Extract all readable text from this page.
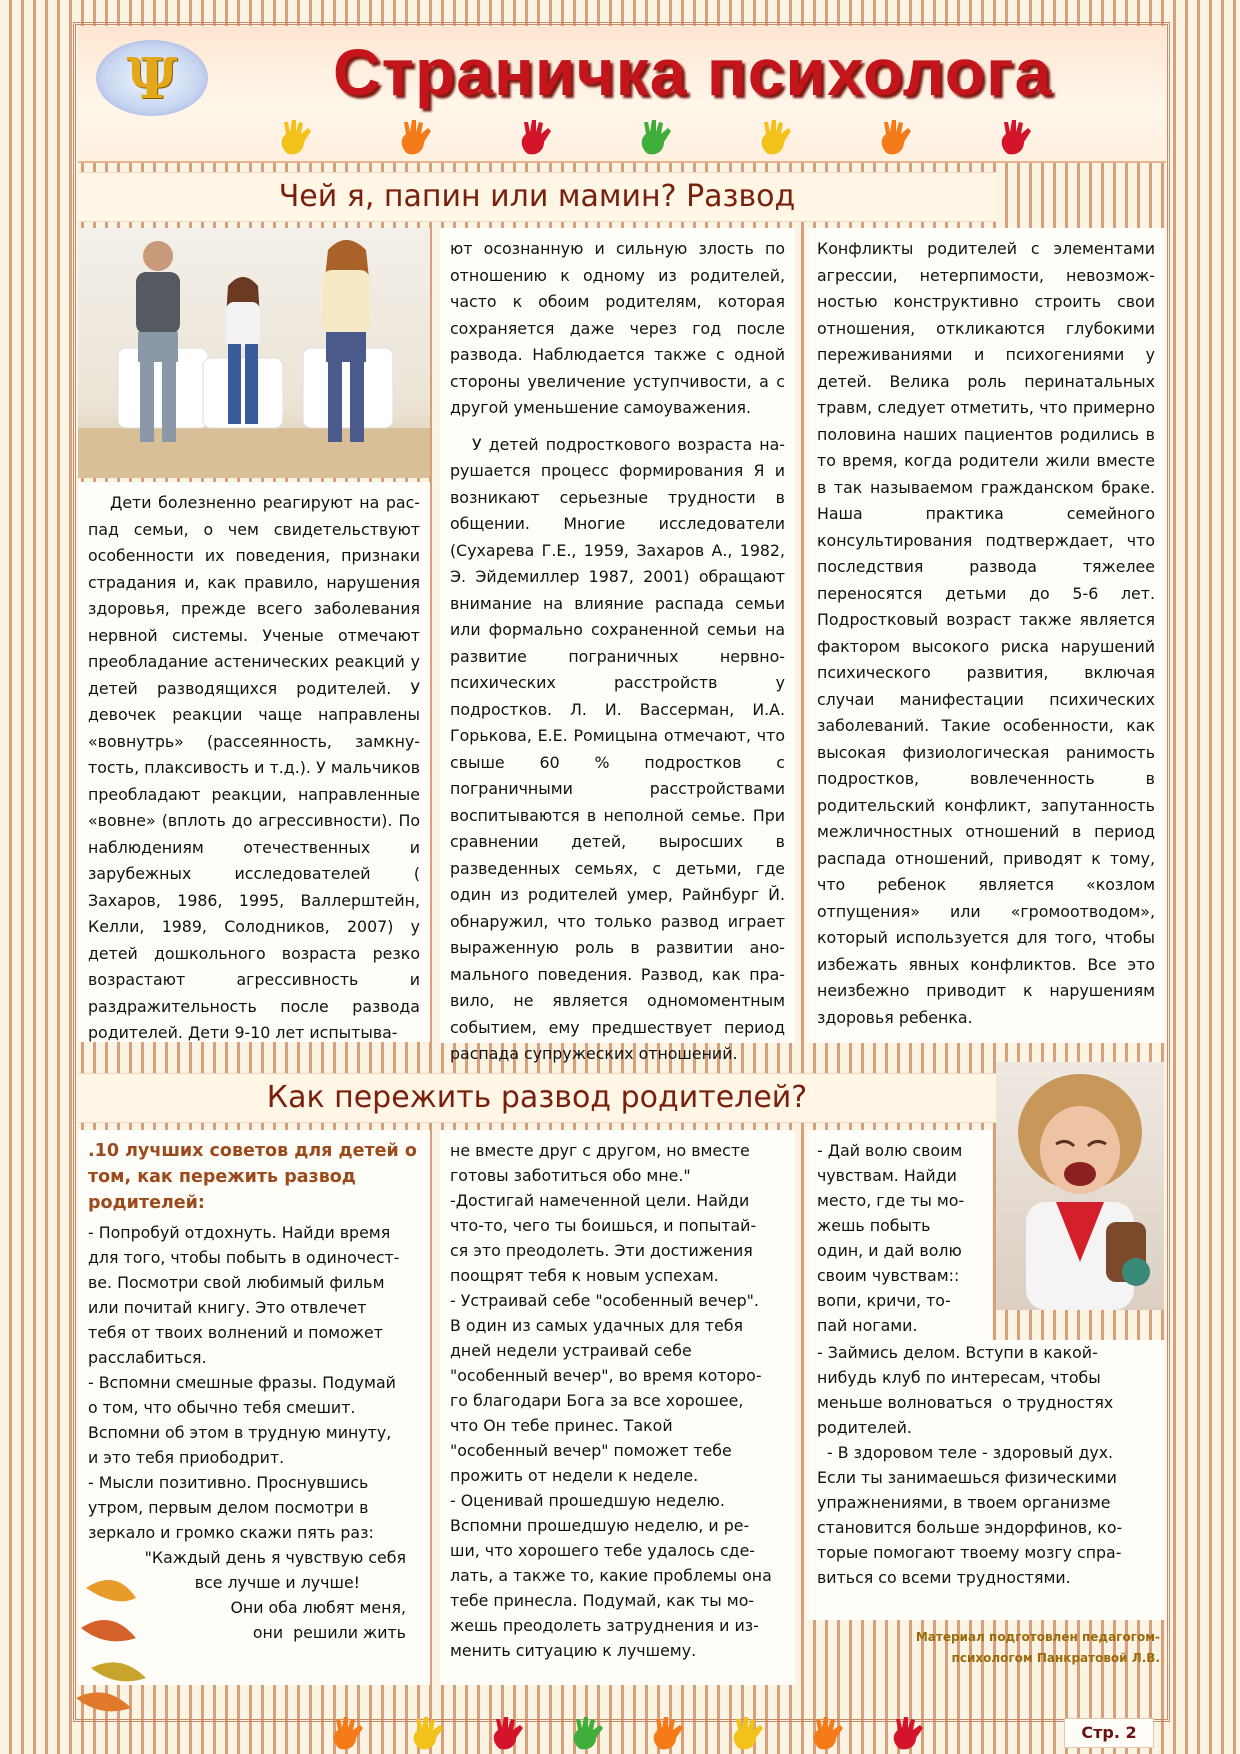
Ψ	Страничка психолога
Чей я, папин или мамин? Развод

Дети болезненно реагируют на распад семьи, о чем свидетельствуют особенности их поведения, признаки страдания и, как правило, нарушения здоровья, прежде всего заболевания нервной системы. Ученые отмечают преобладание астенических реакций у детей разводящихся родителей. У девочек реакции чаще направлены «вовнутрь» (рассеянность, замкнутость, плаксивость и т.д.). У мальчиков преобладают реакции, направленные «вовне» (вплоть до агрессивности). По наблюдениям отечественных и зарубежных исследователей ( Захаров, 1986, 1995, Валлерштейн, Келли, 1989, Солодников, 2007) у детей дошкольного возраста резко возрастают агрессивность и раздражительность после развода родителей. Дети 9-10 лет испытыва-

ют осознанную и сильную злость по отношению к одному из родителей, часто к обоим родителям, которая сохраняется даже через год после развода. Наблюдается также с одной стороны увеличение уступчивости, а с другой уменьшение самоуважения.

У детей подросткового возраста нарушается процесс формирования Я и возникают серьезные трудности в общении. Многие исследователи (Сухарева Г.Е., 1959, Захаров А., 1982, Э. Эйдемиллер 1987, 2001) обращают внимание на влияние распада семьи или формально сохраненной семьи на развитие пограничных нервно-психических расстройств у подростков. Л. И. Вассерман, И.А. Горькова, Е.Е. Ромицына отмечают, что свыше 60 % подростков с пограничными расстройствами воспитываются в неполной семье. При сравнении детей, выросших в разведенных семьях, с детьми, где один из родителей умер, Райнбург Й. обнаружил, что только развод играет выраженную роль в развитии аномального поведения. Развод, как правило, не является одномоментным событием, ему предшествует период распада супружеских отношений.

Конфликты родителей с элементами агрессии, нетерпимости, невозможностью конструктивно строить свои отношения, откликаются глубокими переживаниями и психогениями у детей. Велика роль перинатальных травм, следует отметить, что примерно половина наших пациентов родились в то время, когда родители жили вместе в так называемом гражданском браке. Наша практика семейного консультирования подтверждает, что последствия развода тяжелее переносятся детьми до 5-6 лет. Подростковый возраст также является фактором высокого риска нарушений психического развития, включая случаи манифестации психических заболеваний. Такие особенности, как высокая физиологическая ранимость подростков, вовлеченность в родительский конфликт, запутанность межличностных отношений в период распада отношений, приводят к тому, что ребенок является «козлом отпущения» или «громоотводом», который используется для того, чтобы избежать явных конфликтов. Все это неизбежно приводит к нарушениям здоровья ребенка.

Как пережить развод родителей?

.10 лучших советов для детей о том, как пережить развод родителей:

- Попробуй отдохнуть. Найди время
для того, чтобы побыть в одиночест-
ве. Посмотри свой любимый фильм
или почитай книгу. Это отвлечет
тебя от твоих волнений и поможет
расслабиться.
- Вспомни смешные фразы. Подумай
о том, что обычно тебя смешит.
Вспомни об этом в трудную минуту,
и это тебя приободрит.
- Мысли позитивно. Проснувшись
утром, первым делом посмотри в
зеркало и громко скажи пять раз:
"Каждый день я чувствую себя
все лучше и лучше!
Они оба любят меня,
они  решили жить
не вместе друг с другом, но вместе
готовы заботиться обо мне."
-Достигай намеченной цели. Найди
что-то, чего ты боишься, и попытай-
ся это преодолеть. Эти достижения
поощрят тебя к новым успехам.
- Устраивай себе "особенный вечер".
В один из самых удачных для тебя
дней недели устраивай себе
"особенный вечер", во время которо-
го благодари Бога за все хорошее,
что Он тебе принес. Такой
"особенный вечер" поможет тебе
прожить от недели к неделе.
- Оценивай прошедшую неделю.
Вспомни прошедшую неделю, и ре-
ши, что хорошего тебе удалось сде-
лать, а также то, какие проблемы она
тебе принесла. Подумай, как ты мо-
жешь преодолеть затруднения и из-
менить ситуацию к лучшему.
- Дай волю своим
чувствам. Найди
место, где ты мо-
жешь побыть
один, и дай волю
своим чувствам::
вопи, кричи, то-
пай ногами.
- Займись делом. Вступи в какой-
нибудь клуб по интересам, чтобы
меньше волноваться  о трудностях
родителей.
- В здоровом теле - здоровый дух.
Если ты занимаешься физическими
упражнениями, в твоем организме
становится больше эндорфинов, ко-
торые помогают твоему мозгу спра-
виться со всеми трудностями.
Материал подготовлен педагогом-
психологом Панкратовой Л.В.
Стр. 2
